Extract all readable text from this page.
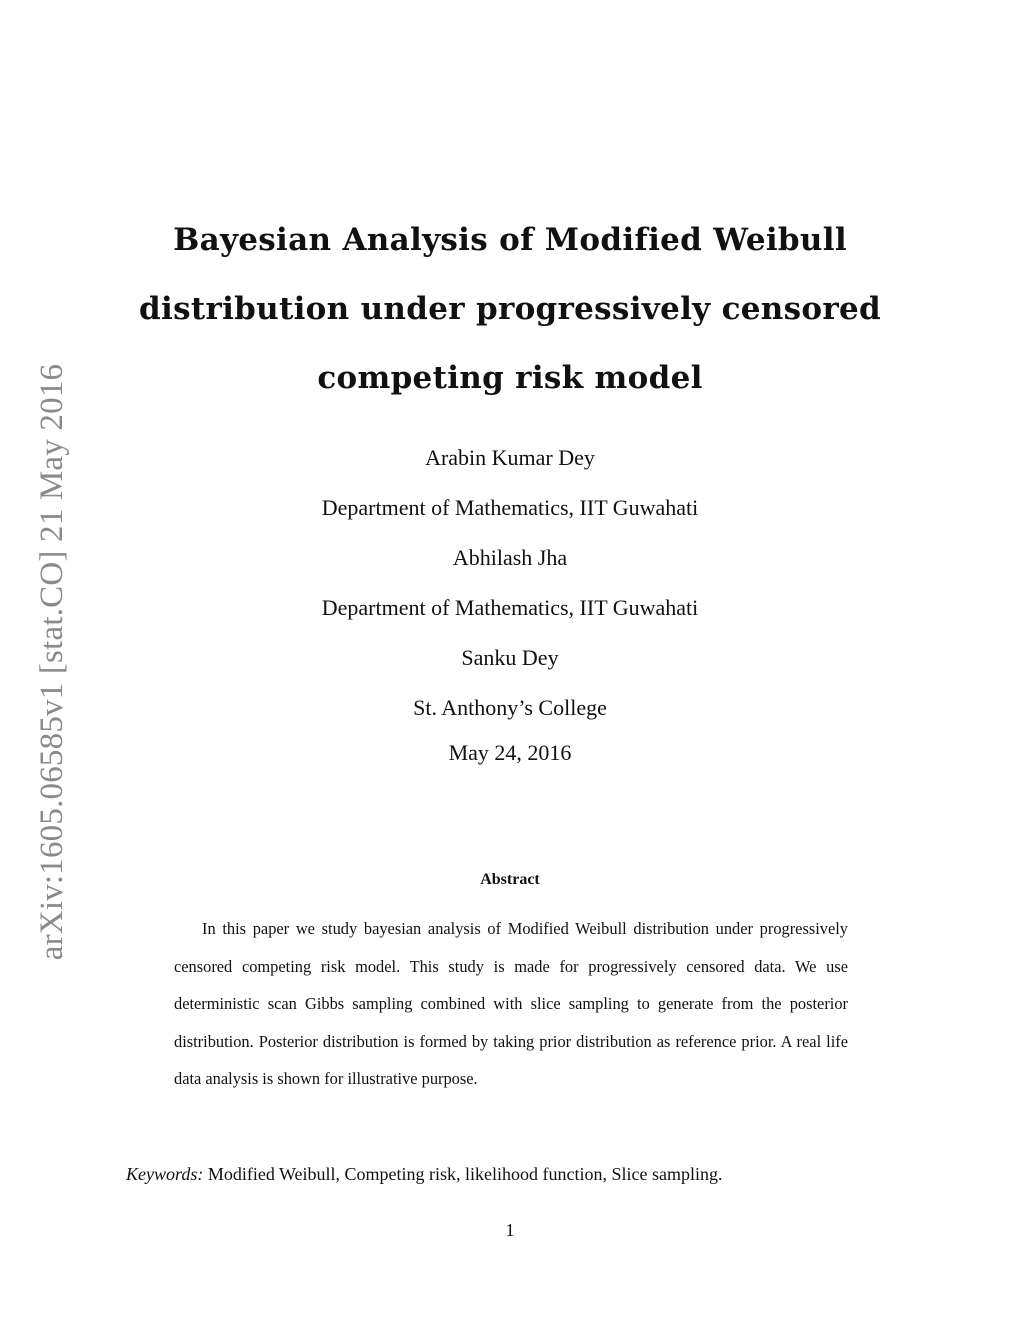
arXiv:1605.06585v1 [stat.CO] 21 May 2016
Bayesian Analysis of Modified Weibull
distribution under progressively censored
competing risk model
Arabin Kumar Dey
Department of Mathematics, IIT Guwahati
Abhilash Jha
Department of Mathematics, IIT Guwahati
Sanku Dey
St. Anthony’s College
May 24, 2016
Abstract
In this paper we study bayesian analysis of Modified Weibull distribution under progressively censored competing risk model. This study is made for progressively censored data. We use deterministic scan Gibbs sampling combined with slice sampling to generate from the posterior distribution. Posterior distribution is formed by taking prior distribution as reference prior. A real life data analysis is shown for illustrative purpose.
Keywords: Modified Weibull, Competing risk, likelihood function, Slice sampling.
1
